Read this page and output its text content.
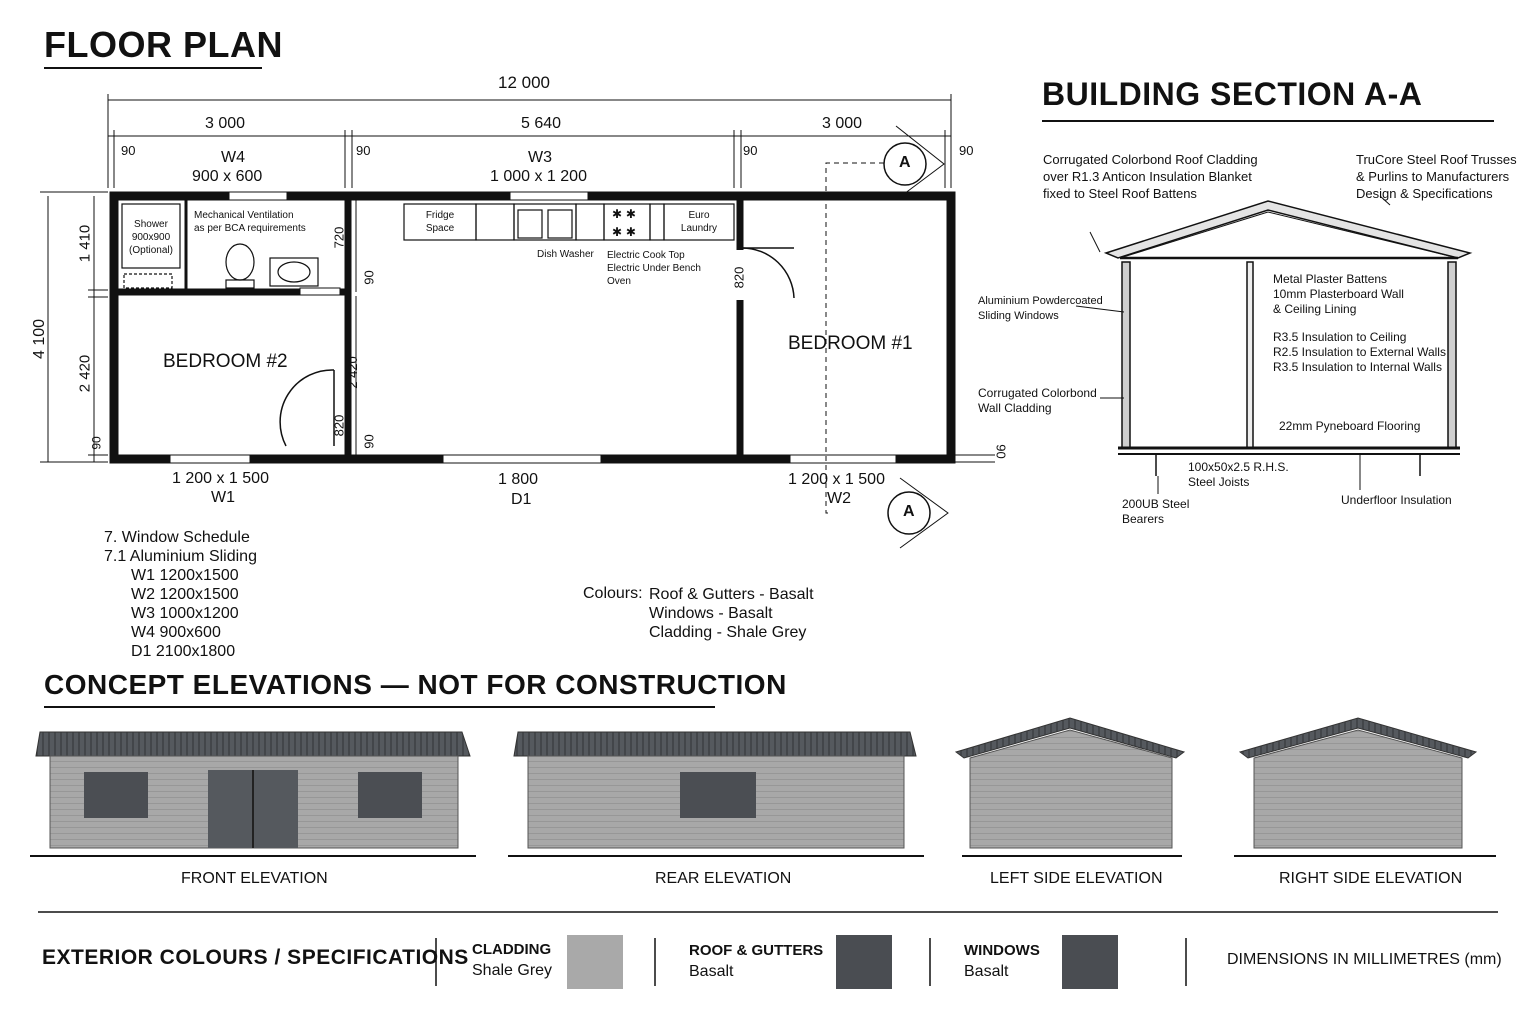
✱ ✱
✱ ✱
FLOOR PLAN
12 000
3 000	5 640	3 000
90	90	90	90
W4
900 x 600
W3
1 000 x 1 200
4 100
1 410
2 420
90
720
90
2 420
820
90
820
90
Shower
900x900
(Optional)
Mechanical Ventilation
as per BCA requirements
Fridge
Space
Euro
Laundry
Dish Washer Electric Cook Top
Electric Under Bench
Oven
BEDROOM #2
BEDROOM #1
A
A
1 200 x 1 500
W1
1 800
D1
1 200 x 1 500
W2
7. Window Schedule
7.1 Aluminium Sliding
W1 1200x1500
W2 1200x1500
W3 1000x1200
W4 900x600
D1 2100x1800
Colours: Roof & Gutters - Basalt
Windows - Basalt
Cladding - Shale Grey
BUILDING SECTION A-A
Corrugated Colorbond Roof Cladding
over R1.3 Anticon Insulation Blanket
fixed to Steel Roof Battens
TruCore Steel Roof Trusses
& Purlins to Manufacturers
Design & Specifications
Aluminium Powdercoated
Sliding Windows
Metal Plaster Battens
10mm Plasterboard Wall
& Ceiling Lining
R3.5 Insulation to Ceiling
R2.5 Insulation to External Walls
R3.5 Insulation to Internal Walls
Corrugated Colorbond
Wall Cladding
22mm Pyneboard Flooring
100x50x2.5 R.H.S.
Steel Joists
200UB Steel
Bearers
Underfloor Insulation
CONCEPT ELEVATIONS — NOT FOR CONSTRUCTION
FRONT ELEVATION	REAR ELEVATION	LEFT SIDE ELEVATION	RIGHT SIDE ELEVATION
EXTERIOR COLOURS / SPECIFICATIONS CLADDING
Shale Grey
ROOF & GUTTERS
Basalt
WINDOWS
Basalt
DIMENSIONS IN MILLIMETRES (mm)
